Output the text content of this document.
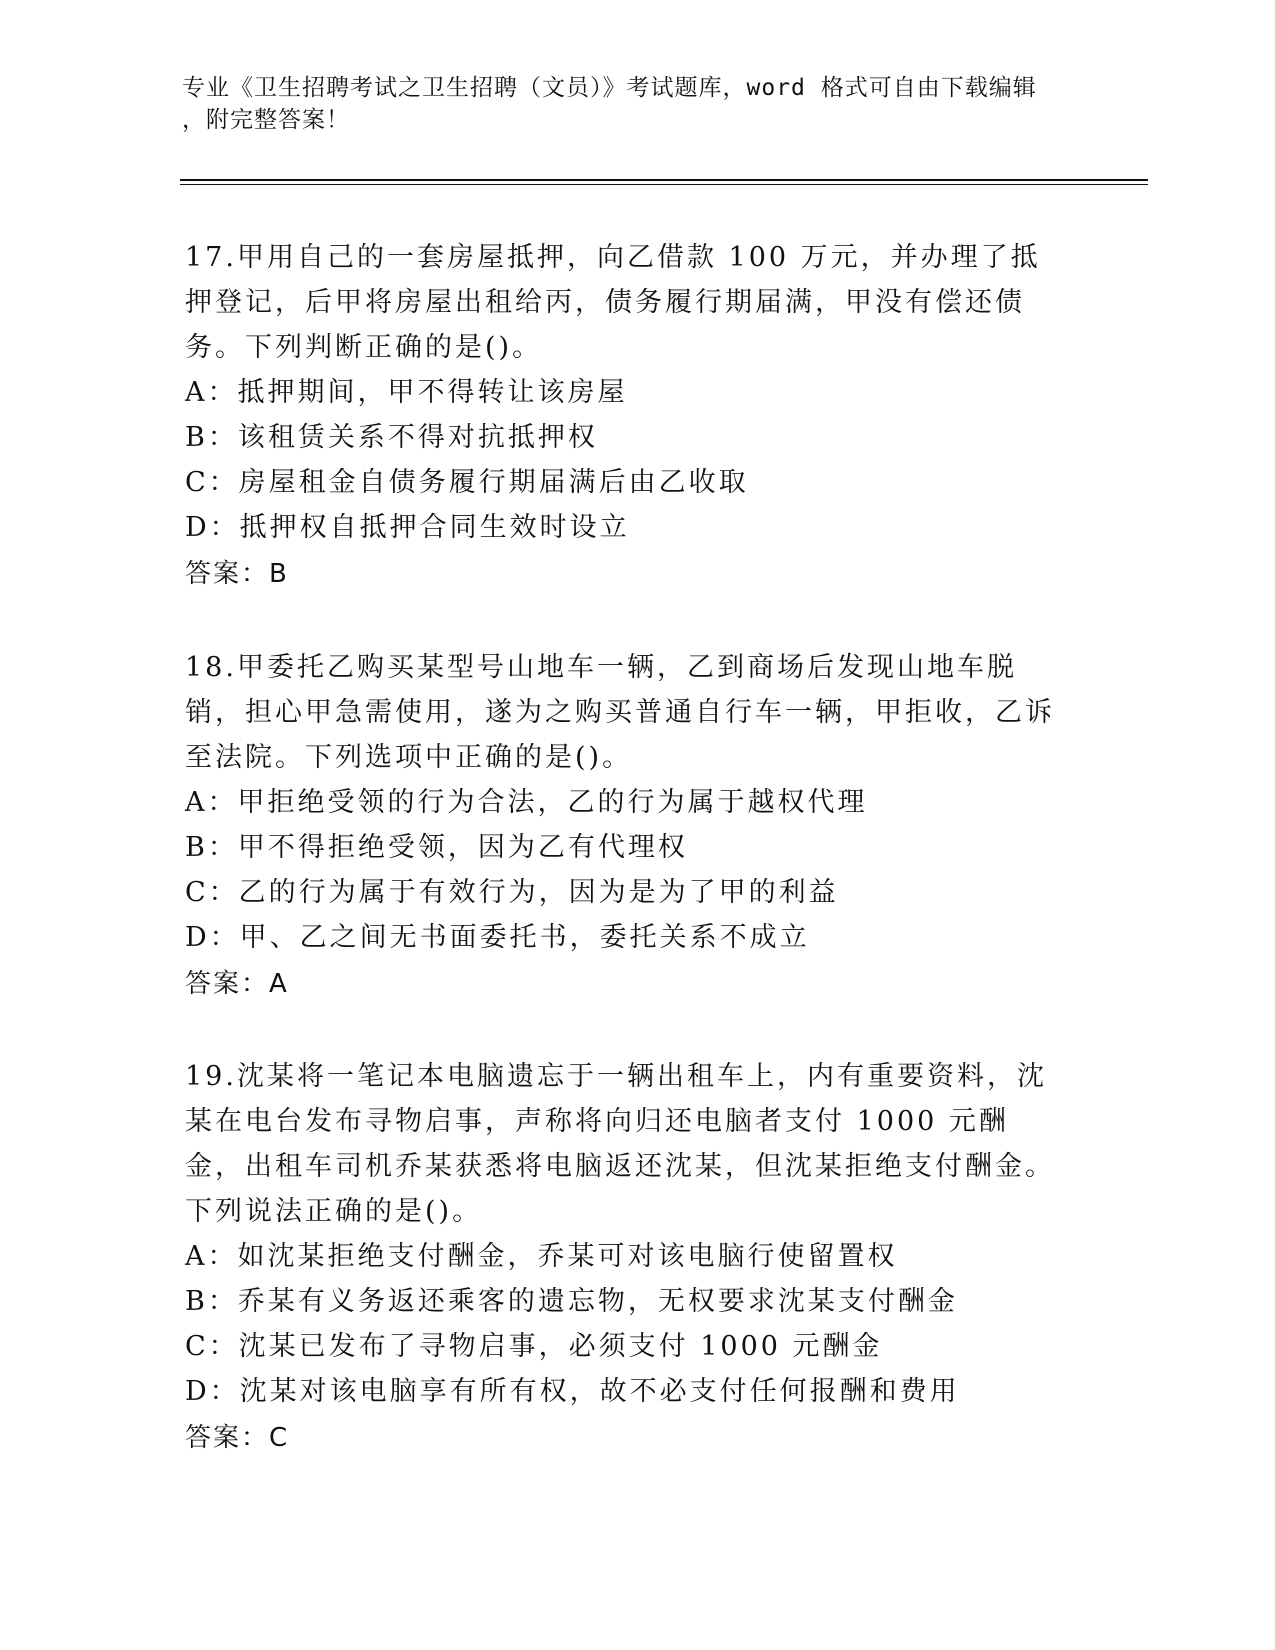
专业《卫生招聘考试之卫生招聘（文员）》考试题库，word 格式可自由下载编辑
，附完整答案！
17.甲用自己的一套房屋抵押，向乙借款 100 万元，并办理了抵押登记，后甲将房屋出租给丙，债务履行期届满，甲没有偿还债务。下列判断正确的是()。
A：抵押期间，甲不得转让该房屋
B：该租赁关系不得对抗抵押权
C：房屋租金自债务履行期届满后由乙收取
D：抵押权自抵押合同生效时设立
答案：B
18.甲委托乙购买某型号山地车一辆，乙到商场后发现山地车脱销，担心甲急需使用，遂为之购买普通自行车一辆，甲拒收，乙诉至法院。下列选项中正确的是()。
A：甲拒绝受领的行为合法，乙的行为属于越权代理
B：甲不得拒绝受领，因为乙有代理权
C：乙的行为属于有效行为，因为是为了甲的利益
D：甲、乙之间无书面委托书，委托关系不成立
答案：A
19.沈某将一笔记本电脑遗忘于一辆出租车上，内有重要资料，沈某在电台发布寻物启事，声称将向归还电脑者支付 1000 元酬金，出租车司机乔某获悉将电脑返还沈某，但沈某拒绝支付酬金。下列说法正确的是()。
A：如沈某拒绝支付酬金，乔某可对该电脑行使留置权
B：乔某有义务返还乘客的遗忘物，无权要求沈某支付酬金
C：沈某已发布了寻物启事，必须支付 1000 元酬金
D：沈某对该电脑享有所有权，故不必支付任何报酬和费用
答案：C
